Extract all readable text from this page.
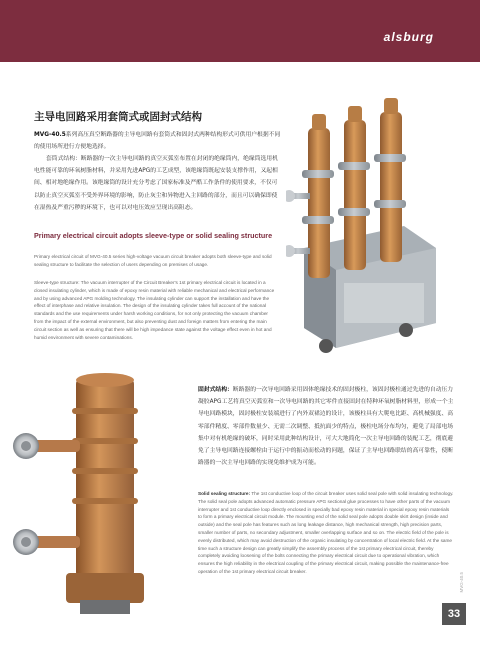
alsburg
主导电回路采用套筒式或固封式结构
MVG-40.5系列高压真空断路器的主导电回路有套筒式和固封式两种结构形式可供用户根据不同的使用场所进行方便地选择。
套筒式结构：断路器的一次主导电回路的真空灭弧室布置在封闭的绝缘筒内，绝缘筒选用机电性能可靠的环氧树脂材料，并采用先进APG的工艺成型，该绝缘筒既起安装支撑作用，又起相间、相对地绝缘作用。该绝缘筒的设计充分考虑了国家标准及严酷工作条件的使用要求，不仅可以防止真空灭弧室不受外界环境的影响，防止灰尘和异物进入主回路的部分，而且可以确保即使在湿热及严重污秽的环境下，也可以对电压效应呈现出高阻态。
Primary electrical circuit adopts sleeve-type or solid sealing structure
Primary electrical circuit of MVG-40.5 series high-voltage vacuum circuit breaker adopts both sleeve-type and solid sealing structure to facilitate the selection of users depending on premises of usage.
Sleeve-type structure: The vacuum interrupter of the Circuit Breaker's 1st primary electrical circuit is located in a closed insulating cylinder, which is made of epoxy resin material with reliable mechanical and electrical performance and by using advanced APG molding technology. The insulating cylinder can support the installation and have the effect of interphase and relative insulation. The design of the insulating cylinder takes full account of the national standards and the use requirements under harsh working conditions, for not only protecting the vacuum chamber from the impact of the external environment, but also preventing dust and foreign matters from entering the main circuit section as well as ensuring that there will be high impedance state against the voltage effect even in hot and humid environment with severe contaminations.
固封式结构：断路器的一次导电回路采用固体绝缘技术的固封极柱，该固封极柱通过先进的自动压力凝胶APG工艺将真空灭弧室和一次导电回路的其它零件直接固封在特种环氧树脂材料里，形成一个主导电回路模块，固封极柱安装端进行了内外双裙边的设计，该极柱具有大爬电比距、高机械强度、高零部件精度、零部件数量少、无需二次调整、抵抗面少的特点，极柱电场分布均匀，避免了局部电场集中对有机绝缘的破坏，同时采用此种结构设计，可大大地简化一次主导电回路的装配工艺，彻底避免了主导电回路连接螺栓由于运行中的振动而松动的问题，保证了主导电回路联结的高可靠性，使断路器的一次主导电回路的实现免维护成为可能。
Solid sealing structure: The 1st conductive loop of the circuit breaker uses solid seal pole with solid insulating technology. The solid seal pole adopts advanced automatic pressure APG sectional glue processes to have other parts of the vacuum interrupter and 1st conductive loop directly enclosed in specially bad epoxy resin material in special epoxy resin materials to form a primary electrical circuit module. The mounting end of the solid seal pole adopts double skirt design (inside and outside) and the seal pole has features such as long leakage distance, high mechanical strength, high precision parts, smaller number of parts, no secondary adjustment, smaller overlapping surface and so on. The electric field of the pole is evenly distributed, which may avoid destruction of the organic insulating by concentration of local electric field. At the same time such a structure design can greatly simplify the assembly process of the 1st primary electrical circuit, thereby completely avoiding loosening of the bolts connecting the primary electrical circuit due to operational vibration, which ensures the high reliability in the electrical coupling of the primary electrical circuit, making possible the maintenance-free operation of the 1st primary electrical circuit breaker.
MVG-40.5
33
